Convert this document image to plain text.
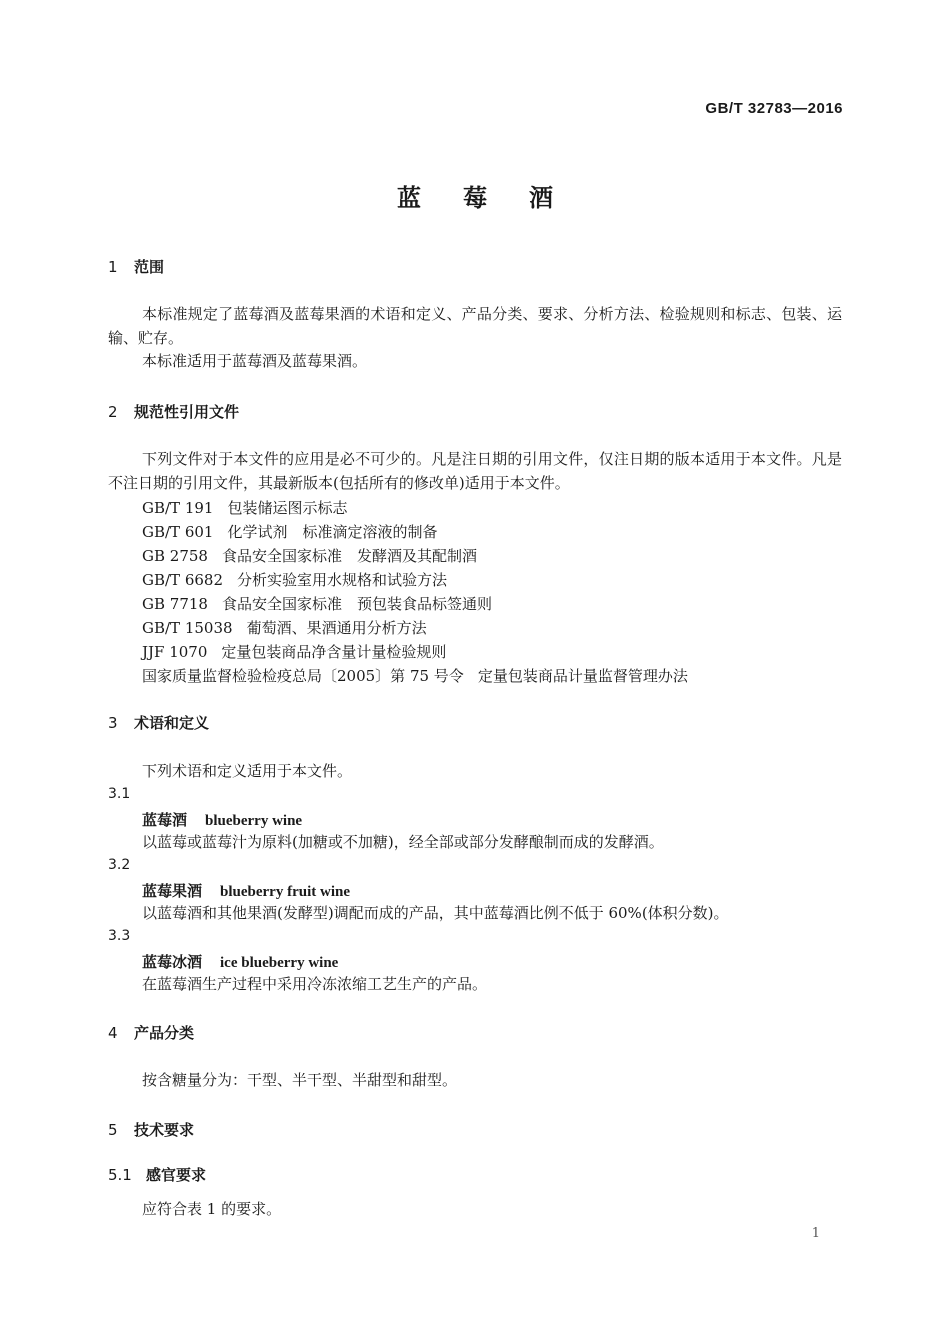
GB/T 32783—2016
蓝莓酒
1 范围
本标准规定了蓝莓酒及蓝莓果酒的术语和定义、产品分类、要求、分析方法、检验规则和标志、包装、运输、贮存。
本标准适用于蓝莓酒及蓝莓果酒。
2 规范性引用文件
下列文件对于本文件的应用是必不可少的。凡是注日期的引用文件，仅注日期的版本适用于本文件。凡是不注日期的引用文件，其最新版本(包括所有的修改单)适用于本文件。
GB/T 191 包装储运图示标志
GB/T 601 化学试剂　标准滴定溶液的制备
GB 2758 食品安全国家标准　发酵酒及其配制酒
GB/T 6682 分析实验室用水规格和试验方法
GB 7718 食品安全国家标准　预包装食品标签通则
GB/T 15038 葡萄酒、果酒通用分析方法
JJF 1070 定量包装商品净含量计量检验规则
国家质量监督检验检疫总局〔2005〕第 75 号令 定量包装商品计量监督管理办法
3 术语和定义
下列术语和定义适用于本文件。
3.1
蓝莓酒 blueberry wine
以蓝莓或蓝莓汁为原料(加糖或不加糖)，经全部或部分发酵酿制而成的发酵酒。
3.2
蓝莓果酒 blueberry fruit wine
以蓝莓酒和其他果酒(发酵型)调配而成的产品，其中蓝莓酒比例不低于 60%(体积分数)。
3.3
蓝莓冰酒 ice blueberry wine
在蓝莓酒生产过程中采用冷冻浓缩工艺生产的产品。
4 产品分类
按含糖量分为：干型、半干型、半甜型和甜型。
5 技术要求
5.1 感官要求
应符合表 1 的要求。
1
